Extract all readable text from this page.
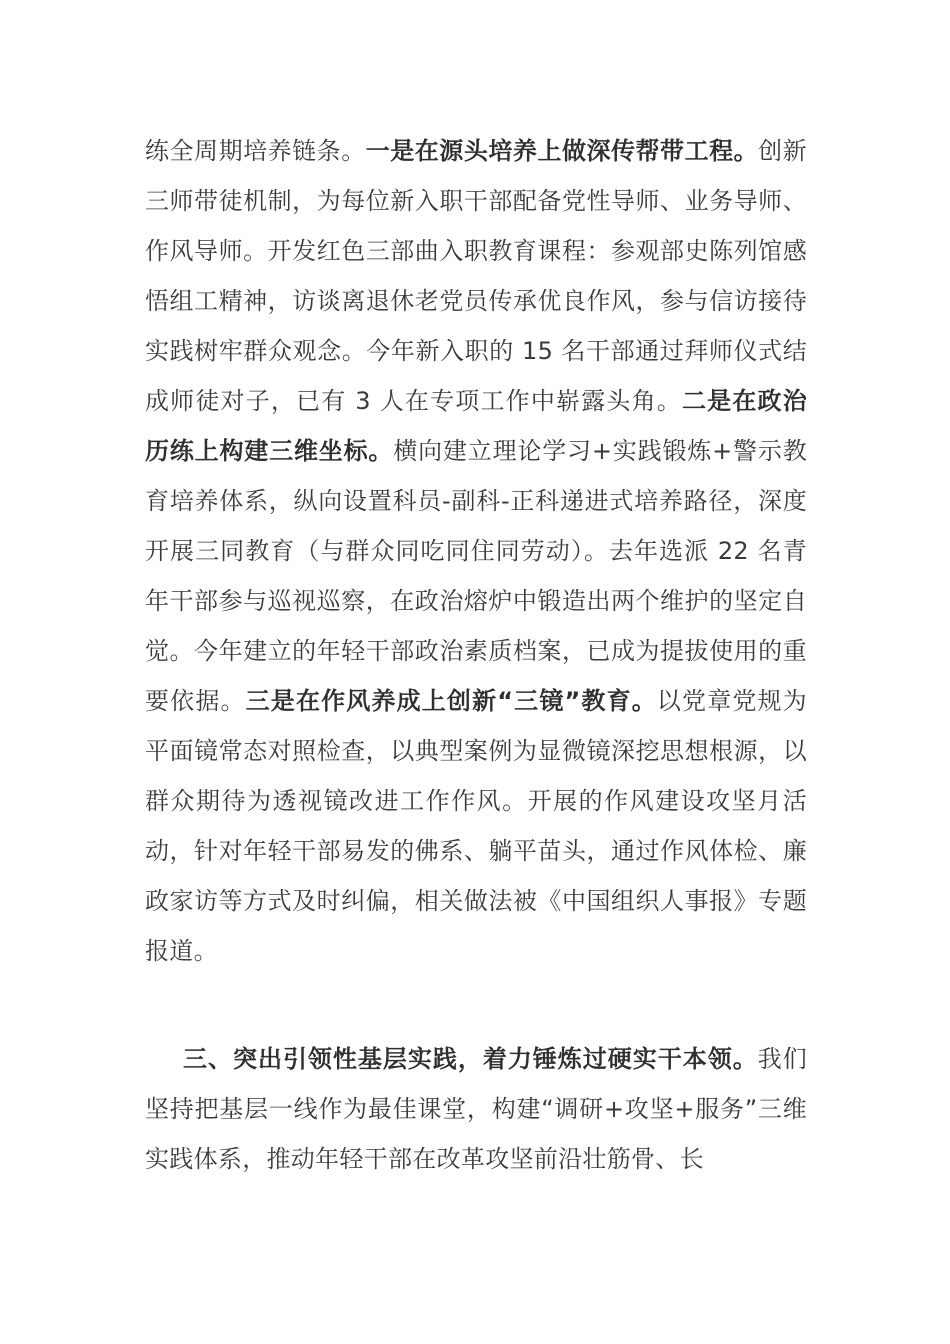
练全周期培养链条。一是在源头培养上做深传帮带工程。创新三师带徒机制，为每位新入职干部配备党性导师、业务导师、作风导师。开发红色三部曲入职教育课程：参观部史陈列馆感悟组工精神，访谈离退休老党员传承优良作风，参与信访接待实践树牢群众观念。今年新入职的 15 名干部通过拜师仪式结成师徒对子，已有 3 人在专项工作中崭露头角。二是在政治历练上构建三维坐标。横向建立理论学习+实践锻炼+警示教育培养体系，纵向设置科员-副科-正科递进式培养路径，深度开展三同教育（与群众同吃同住同劳动）。去年选派 22 名青年干部参与巡视巡察，在政治熔炉中锻造出两个维护的坚定自觉。今年建立的年轻干部政治素质档案，已成为提拔使用的重要依据。三是在作风养成上创新“三镜”教育。以党章党规为平面镜常态对照检查，以典型案例为显微镜深挖思想根源，以群众期待为透视镜改进工作作风。开展的作风建设攻坚月活动，针对年轻干部易发的佛系、躺平苗头，通过作风体检、廉政家访等方式及时纠偏，相关做法被《中国组织人事报》专题报道。

三、突出引领性基层实践，着力锤炼过硬实干本领。我们坚持把基层一线作为最佳课堂，构建“调研+攻坚+服务”三维实践体系，推动年轻干部在改革攻坚前沿壮筋骨、长
